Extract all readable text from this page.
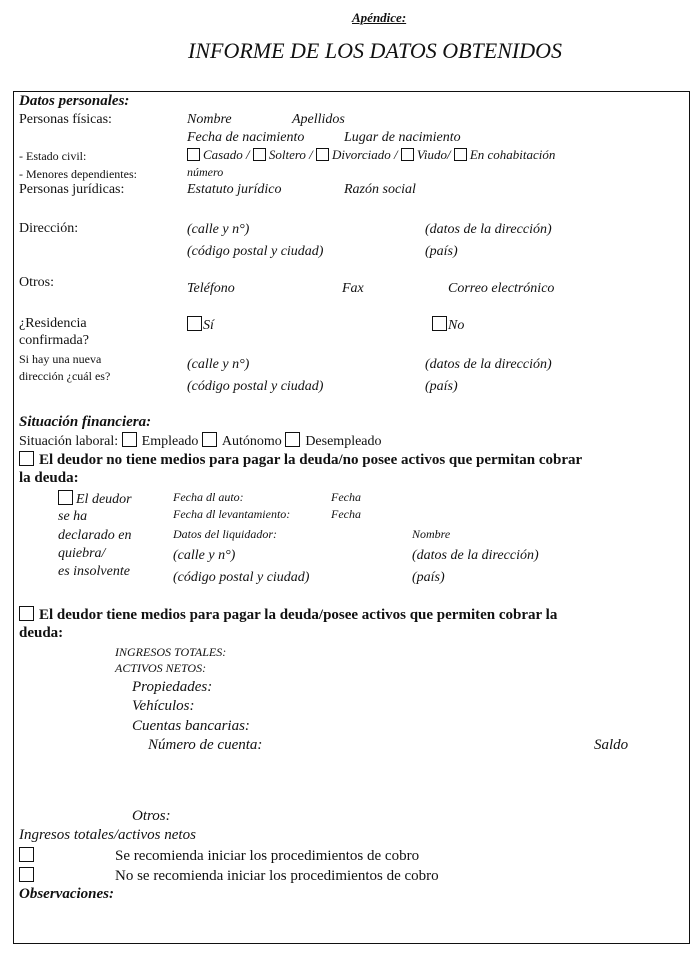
Apéndice:
INFORME DE LOS DATOS OBTENIDOS
Datos personales:
Personas físicas:	Nombre	Apellidos
Fecha de nacimiento	Lugar de nacimiento
- Estado civil:	Casado / Soltero / Divorciado / Viudo/ En cohabitación
- Menores dependientes:	número
Personas jurídicas:	Estatuto jurídico	Razón social
Dirección:	(calle y n°)	(datos de la dirección)
(código postal y ciudad)	(país)
Otros:	Teléfono	Fax	Correo electrónico
¿Residencia
confirmada?
Sí	No
Si hay una nueva
dirección ¿cuál es?
(calle y n°)	(datos de la dirección)
(código postal y ciudad)	(país)
Situación financiera:
Situación laboral: Empleado Autónomo Desempleado
El deudor no tiene medios para pagar la deuda/no posee activos que permitan cobrar
la deuda:
El deudor
se ha
declarado en
quiebra/
es insolvente
Fecha dl auto:	Fecha
Fecha dl levantamiento:	Fecha
Datos del liquidador:	Nombre
(calle y n°)	(datos de la dirección)
(código postal y ciudad)	(país)
El deudor tiene medios para pagar la deuda/posee activos que permiten cobrar la
deuda:
INGRESOS TOTALES:
ACTIVOS NETOS:
Propiedades:
Vehículos:
Cuentas bancarias:
Número de cuenta:	Saldo
Otros:
Ingresos totales/activos netos
Se recomienda iniciar los procedimientos de cobro
No se recomienda iniciar los procedimientos de cobro
Observaciones:
